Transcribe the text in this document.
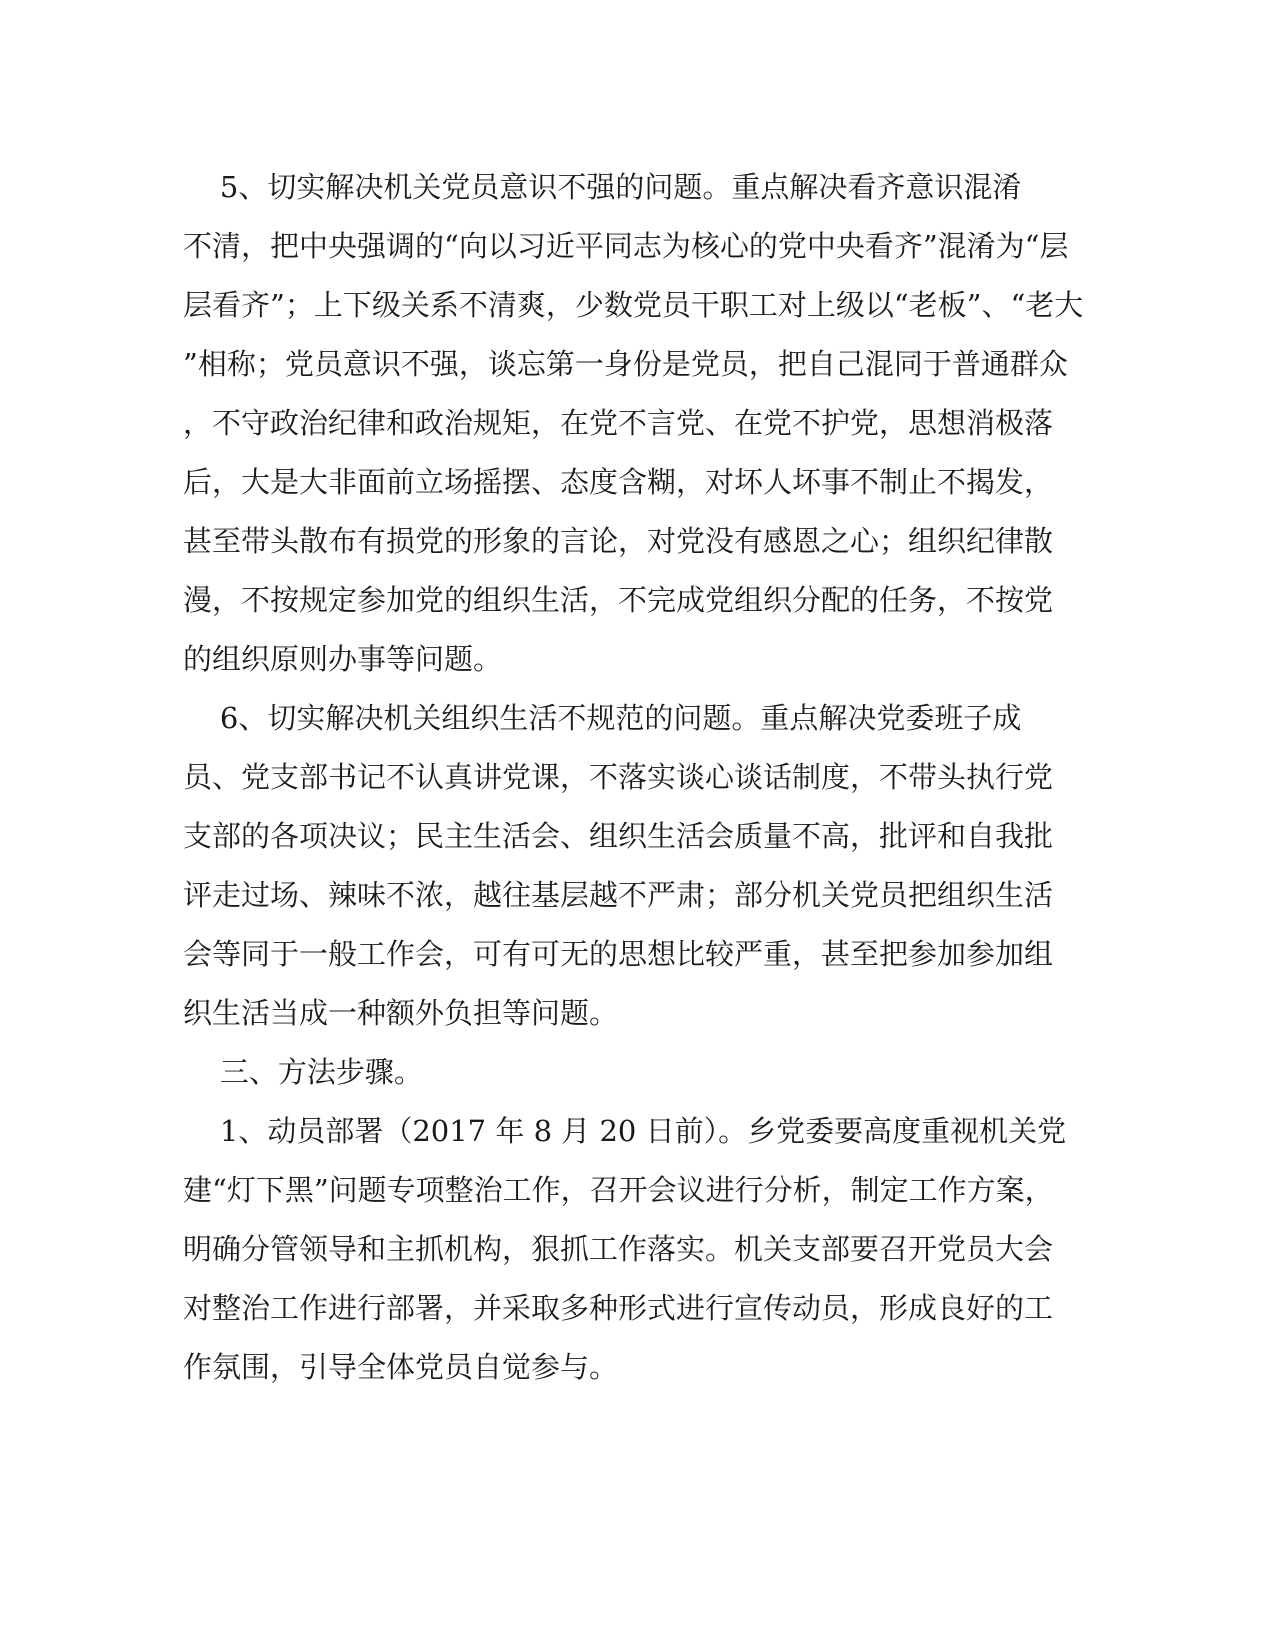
5、切实解决机关党员意识不强的问题。重点解决看齐意识混淆
不清，把中央强调的“向以习近平同志为核心的党中央看齐”混淆为“层
层看齐”；上下级关系不清爽，少数党员干职工对上级以“老板”、“老大
”相称；党员意识不强，谈忘第一身份是党员，把自己混同于普通群众
，不守政治纪律和政治规矩，在党不言党、在党不护党，思想消极落
后，大是大非面前立场摇摆、态度含糊，对坏人坏事不制止不揭发，
甚至带头散布有损党的形象的言论，对党没有感恩之心；组织纪律散
漫，不按规定参加党的组织生活，不完成党组织分配的任务，不按党
的组织原则办事等问题。
6、切实解决机关组织生活不规范的问题。重点解决党委班子成
员、党支部书记不认真讲党课，不落实谈心谈话制度，不带头执行党
支部的各项决议；民主生活会、组织生活会质量不高，批评和自我批
评走过场、辣味不浓，越往基层越不严肃；部分机关党员把组织生活
会等同于一般工作会，可有可无的思想比较严重，甚至把参加参加组
织生活当成一种额外负担等问题。
三、方法步骤。
1、动员部署（2017 年 8 月 20 日前）。乡党委要高度重视机关党
建“灯下黑”问题专项整治工作，召开会议进行分析，制定工作方案，
明确分管领导和主抓机构，狠抓工作落实。机关支部要召开党员大会
对整治工作进行部署，并采取多种形式进行宣传动员，形成良好的工
作氛围，引导全体党员自觉参与。
